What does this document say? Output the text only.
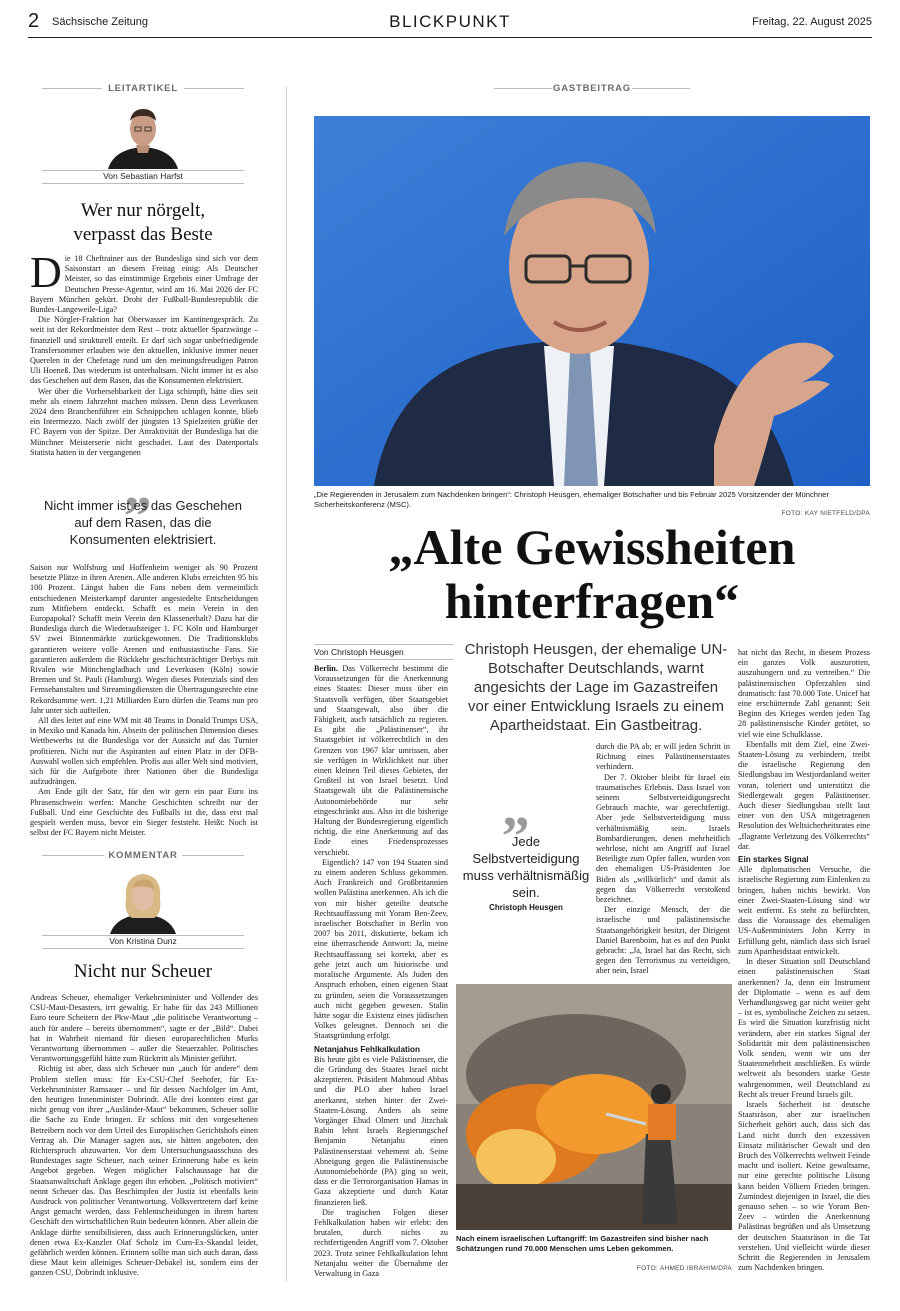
2 Sächsische Zeitung	BLICKPUNKT	Freitag, 22. August 2025
LEITARTIKEL
Von Sebastian Harfst
Wer nur nörgelt,
verpasst das Beste

Die 18 Cheftrainer aus der Bundesliga sind sich vor dem Saisonstart an diesem Freitag einig: Als Deutscher Meister, so das einstimmige Ergebnis einer Umfrage der Deutschen Presse-Agentur, wird am 16. Mai 2026 der FC Bayern München gekürt. Droht der Fußball-Bundesrepublik die Bundes-Langeweile-Liga?

Die Nörgler-Fraktion hat Oberwasser im Kantinengespräch. Zu weit ist der Rekordmeister dem Rest – trotz aktueller Sparzwänge – finanziell und strukturell enteilt. Er darf sich sogar unbefriedigende Transfersommer erlauben wie den aktuellen, inklusive immer neuer Querelen in der Chefetage rund um den meinungsfreudigen Patron Uli Hoeneß. Das wiederum ist unterhaltsam. Nicht immer ist es also das Geschehen auf dem Rasen, das die Konsumenten elektrisiert.

Wer über die Vorhersehbarkeit der Liga schimpft, hätte dies seit mehr als einem Jahrzehnt machen müssen. Denn dass Leverkusen 2024 dem Branchenführer ein Schnippchen schlagen konnte, blieb ein Intermezzo. Nach zwölf der jüngsten 13 Spielzeiten grüßte der FC Bayern von der Spitze. Der Attraktivität der Bundesliga hat die Münchner Meisterserie nicht geschadet. Laut des Datenportals Statista hatten in der vergangenen

„
Nicht immer ist es das Geschehen auf dem Rasen, das die Konsumenten elektrisiert.

Saison nur Wolfsburg und Hoffenheim weniger als 90 Prozent besetzte Plätze in ihren Arenen. Alle anderen Klubs erreichten 95 bis 100 Prozent. Längst haben die Fans neben dem vermeintlich entschiedenen Meisterkampf darunter angesiedelte Entscheidungen zum Mitfiebern entdeckt. Schafft es mein Verein in den Europapokal? Schafft mein Verein den Klassenerhalt? Dazu hat die Bundesliga durch die Wiederaufsteiger 1. FC Köln und Hamburger SV zwei Binnenmärkte zurückgewonnen. Die Traditionsklubs garantieren weitere volle Arenen und enthusiastische Fans. Sie garantieren außerdem die Rückkehr geschichtsträchtiger Derbys mit Rivalen wie Mönchengladbach und Leverkusen (Köln) sowie Bremen und St. Pauli (Hamburg). Wegen dieses Potenzials sind den Fernsehanstalten und Streamingdiensten die Übertragungsrechte eine Rekordsumme wert. 1,21 Milliarden Euro dürfen die Teams nun pro Jahr unter sich aufteilen.

All dies leitet auf eine WM mit 48 Teams in Donald Trumps USA, in Mexiko und Kanada hin. Abseits der politischen Dimension dieses Wettbewerbs ist die Bundesliga vor der Aussicht auf das Turnier profitieren. Nicht nur die Aspiranten auf einen Platz in der DFB-Auswahl wollen sich empfehlen. Profis aus aller Welt sind motiviert, sich für die Aufgebote ihrer Nationen über die Bundesliga aufzudrängen.

Am Ende gilt der Satz, für den wir gern ein paar Euro ins Phrasenschwein werfen: Manche Geschichten schreibt nur der Fußball. Und eine Geschichte des Fußballs ist die, dass erst mal gespielt werden muss, bevor ein Sieger feststeht. Heißt: Noch ist selbst der FC Bayern nicht Meister.

KOMMENTAR
Von Kristina Dunz
Nicht nur Scheuer

Andreas Scheuer, ehemaliger Verkehrsminister und Vollender des CSU-Maut-Desasters, irrt gewaltig. Er habe für das 243 Millionen Euro teure Scheitern der Pkw-Maut „die politische Verantwortung – auch für andere – bereits übernommen“, sagte er der „Bild“. Dabei hat in Wahrheit niemand für diesen europarechtlichen Murks Verantwortung übernommen – außer die Steuerzahler. Politisches Verantwortungsgefühl hätte zum Rücktritt als Minister geführt.

Richtig ist aber, dass sich Scheuer nun „auch für andere“ dem Problem stellen muss: für Ex-CSU-Chef Seehofer, für Ex-Verkehrsminister Ramsauer – und für dessen Nachfolger im Amt, den heutigen Innenminister Dobrindt. Alle drei konnten einst gar nicht genug von ihrer „Ausländer-Maut“ bekommen, Scheuer sollte die Sache zu Ende bringen. Er schloss mit den vorgesehenen Betreibern noch vor dem Urteil des Europäischen Gerichtshofs einen Vertrag ab. Die Manager sagten aus, sie hätten angeboten, den Richterspruch abzuwarten. Vor dem Untersuchungsausschuss des Bundestages sagte Scheuer, nach seiner Erinnerung habe es kein Angebot gegeben. Wegen möglicher Falschaussage hat die Staatsanwaltschaft Anklage gegen ihn erhoben. „Politisch motiviert“ nennt Scheuer das. Das Beschimpfen der Justiz ist ebenfalls kein Ausdruck von politischer Verantwortung. Volksvertretern darf keine Angst gemacht werden, dass Fehlentscheidungen in ihrem harten Geschäft den wirtschaftlichen Ruin bedeuten können. Aber allein die Anklage dürfte sensibilisieren, dass auch Erinnerungslücken, unter denen etwa Ex-Kanzler Olaf Scholz im Cum-Ex-Skandal leidet, gefährlich werden können. Erinnern sollte man sich auch daran, dass diese Maut kein alleiniges Scheuer-Debakel ist, sondern eins der ganzen CSU, Dobrindt inklusive.

GASTBEITRAG
„Die Regierenden in Jerusalem zum Nachdenken bringen“: Christoph Heusgen, ehemaliger Botschafter und bis Februar 2025 Vorsitzender der Münchner Sicherheitskonferenz (MSC).
FOTO: KAY NIETFELD/DPA
„Alte Gewissheiten
hinterfragen“
Von Christoph Heusgen	Christoph Heusgen, der ehemalige UN-Botschafter Deutschlands, warnt angesichts der Lage im Gazastreifen vor einer Entwicklung Israels zu einem Apartheidstaat. Ein Gastbeitrag.

Berlin. Das Völkerrecht bestimmt die Voraussetzungen für die Anerkennung eines Staates: Dieser muss über ein Staatsvolk verfügen, über Staatsgebiet und Staatsgewalt, also über die Fähigkeit, auch tatsächlich zu regieren. Es gibt die „Palästinenser“, ihr Staatsgebiet ist völkerrechtlich in den Grenzen von 1967 klar umrissen, aber sie verfügen in Wirklichkeit nur über einen kleinen Teil dieses Gebietes, der Großteil ist von Israel besetzt. Und Staatsgewalt übt die Palästinensische Autonomiebehörde nur sehr eingeschränkt aus. Also ist die bisherige Haltung der Bundesregierung eigentlich richtig, die eine Anerkennung auf das Ende eines Friedensprozesses verschiebt.

Eigentlich? 147 von 194 Staaten sind zu einem anderen Schluss gekommen. Auch Frankreich und Großbritannien wollen Palästina anerkennen. Als ich die von mir bisher geteilte deutsche Rechtsauffassung mit Yoram Ben-Zeev, israelischer Botschafter in Berlin von 2007 bis 2011, diskutierte, bekam ich eine überraschende Antwort: Ja, meine Rechtsauffassung sei korrekt, aber es gehe jetzt auch um historische und moralische Argumente. Als Juden den Anspruch erhoben, einen eigenen Staat zu gründen, seien die Voraussetzungen auch nicht gegeben gewesen. Stalin hätte sogar die Existenz eines jüdischen Volkes geleugnet. Dennoch sei die Staatsgründung erfolgt.

Netanjahus Fehlkalkulation

Bis heute gibt es viele Palästinenser, die die Gründung des Staates Israel nicht akzeptieren. Präsident Mahmoud Abbas und die PLO aber haben Israel anerkannt, stehen hinter der Zwei-Staaten-Lösung. Anders als seine Vorgänger Ehud Olmert und Jitzchak Rabin lehnt Israels Regierungschef Benjamin Netanjahu einen Palästinenserstaat vehement ab. Seine Abneigung gegen die Palästinensische Autonomiebehörde (PA) ging so weit, dass er die Terrororganisation Hamas in Gaza akzeptierte und durch Katar finanzieren ließ.

Die tragischen Folgen dieser Fehlkalkulation haben wir erlebt: den brutalen, durch nichts zu rechtfertigenden Angriff vom 7. Oktober 2023. Trotz seiner Fehlkalkulation lehnt Netanjahu weiter die Übernahme der Verwaltung in Gaza

durch die PA ab; er will jeden Schritt in Richtung eines Palästinenserstaates verhindern.

Der 7. Oktober bleibt für Israel ein traumatisches Erlebnis. Dass Israel von seinem Selbstverteidigungsrecht Gebrauch machte, war gerechtfertigt. Aber jede Selbstverteidigung muss verhältnismäßig sein. Israels Bombardierungen, denen mehrheitlich wehrlose, nicht am Angriff auf Israel Beteiligte zum Opfer fallen, wurden von den ehemaligen US-Präsidenten Joe Biden als „willkürlich“ und damit als gegen das Völkerrecht verstoßend bezeichnet.

Der einzige Mensch, der die israelische und palästinensische Staatsangehörigkeit besitzt, der Dirigent Daniel Barenboim, hat es auf den Punkt gebracht: „Ja, Israel hat das Recht, sich gegen den Terrorismus zu verteidigen, aber nein, Israel

„
Jede Selbstverteidigung muss verhältnismäßig sein.
Christoph Heusgen
Nach einem israelischen Luftangriff: Im Gazastreifen sind bisher nach Schätzungen rund 70.000 Menschen ums Leben gekommen.
FOTO: AHMED IBRAHIM/DPA

hat nicht das Recht, in diesem Prozess ein ganzes Volk auszurotten, auszuhungern und zu vertreiben.“ Die palästinensischen Opferzahlen sind dramatisch: fast 70.000 Tote. Unicef hat eine erschütternde Zahl genannt: Seit Beginn des Krieges werden jeden Tag 28 palästinensische Kinder getötet, so viel wie eine Schulklasse.

Ebenfalls mit dem Ziel, eine Zwei-Staaten-Lösung zu verhindern, treibt die israelische Regierung den Siedlungsbau im Westjordanland weiter voran, toleriert und unterstützt die Siedlergewalt gegen Palästinenser. Auch dieser Siedlungsbau stellt laut einer von den USA mitgetragenen Resolution des Weltsicherheitsrates eine „flagrante Verletzung des Völkerrechts“ dar.

Ein starkes Signal

Alle diplomatischen Versuche, die israelische Regierung zum Einlenken zu bringen, haben nichts bewirkt. Von einer Zwei-Staaten-Lösung sind wir weit entfernt. Es steht zu befürchten, dass die Voraussage des ehemaligen US-Außenministers John Kerry in Erfüllung geht, nämlich dass sich Israel zum Apartheidstaat entwickelt.

In dieser Situation soll Deutschland einen palästinensischen Staat anerkennen? Ja, denn ein Instrument der Diplomatie – wenn es auf dem Verhandlungsweg gar nicht weiter geht – ist es, symbolische Zeichen zu setzen. Es wird die Situation kurzfristig nicht verändern, aber ein starkes Signal der Solidarität mit dem palästinensischen Volk senden, wenn wir uns der Staatenmehrheit anschließen. Es würde weltweit als besonders starke Geste wahrgenommen, weil Deutschland zu Recht als treuer Freund Israels gilt.

Israels Sicherheit ist deutsche Staatsräson, aber zur israelischen Sicherheit gehört auch, dass sich das Land nicht durch den exzessiven Einsatz militärischer Gewalt und den Bruch des Völkerrechts weltweit Feinde macht und isoliert. Keine gewaltsame, nur eine gerechte politische Lösung kann beiden Völkern Frieden bringen. Zumindest diejenigen in Israel, die dies genauso sehen – so wie Yoram Ben-Zeev – würden die Anerkennung Palästinas begrüßen und als Umsetzung der deutschen Staatsräson in die Tat verstehen. Und vielleicht würde dieser Schritt die Regierenden in Jerusalem zum Nachdenken bringen.
